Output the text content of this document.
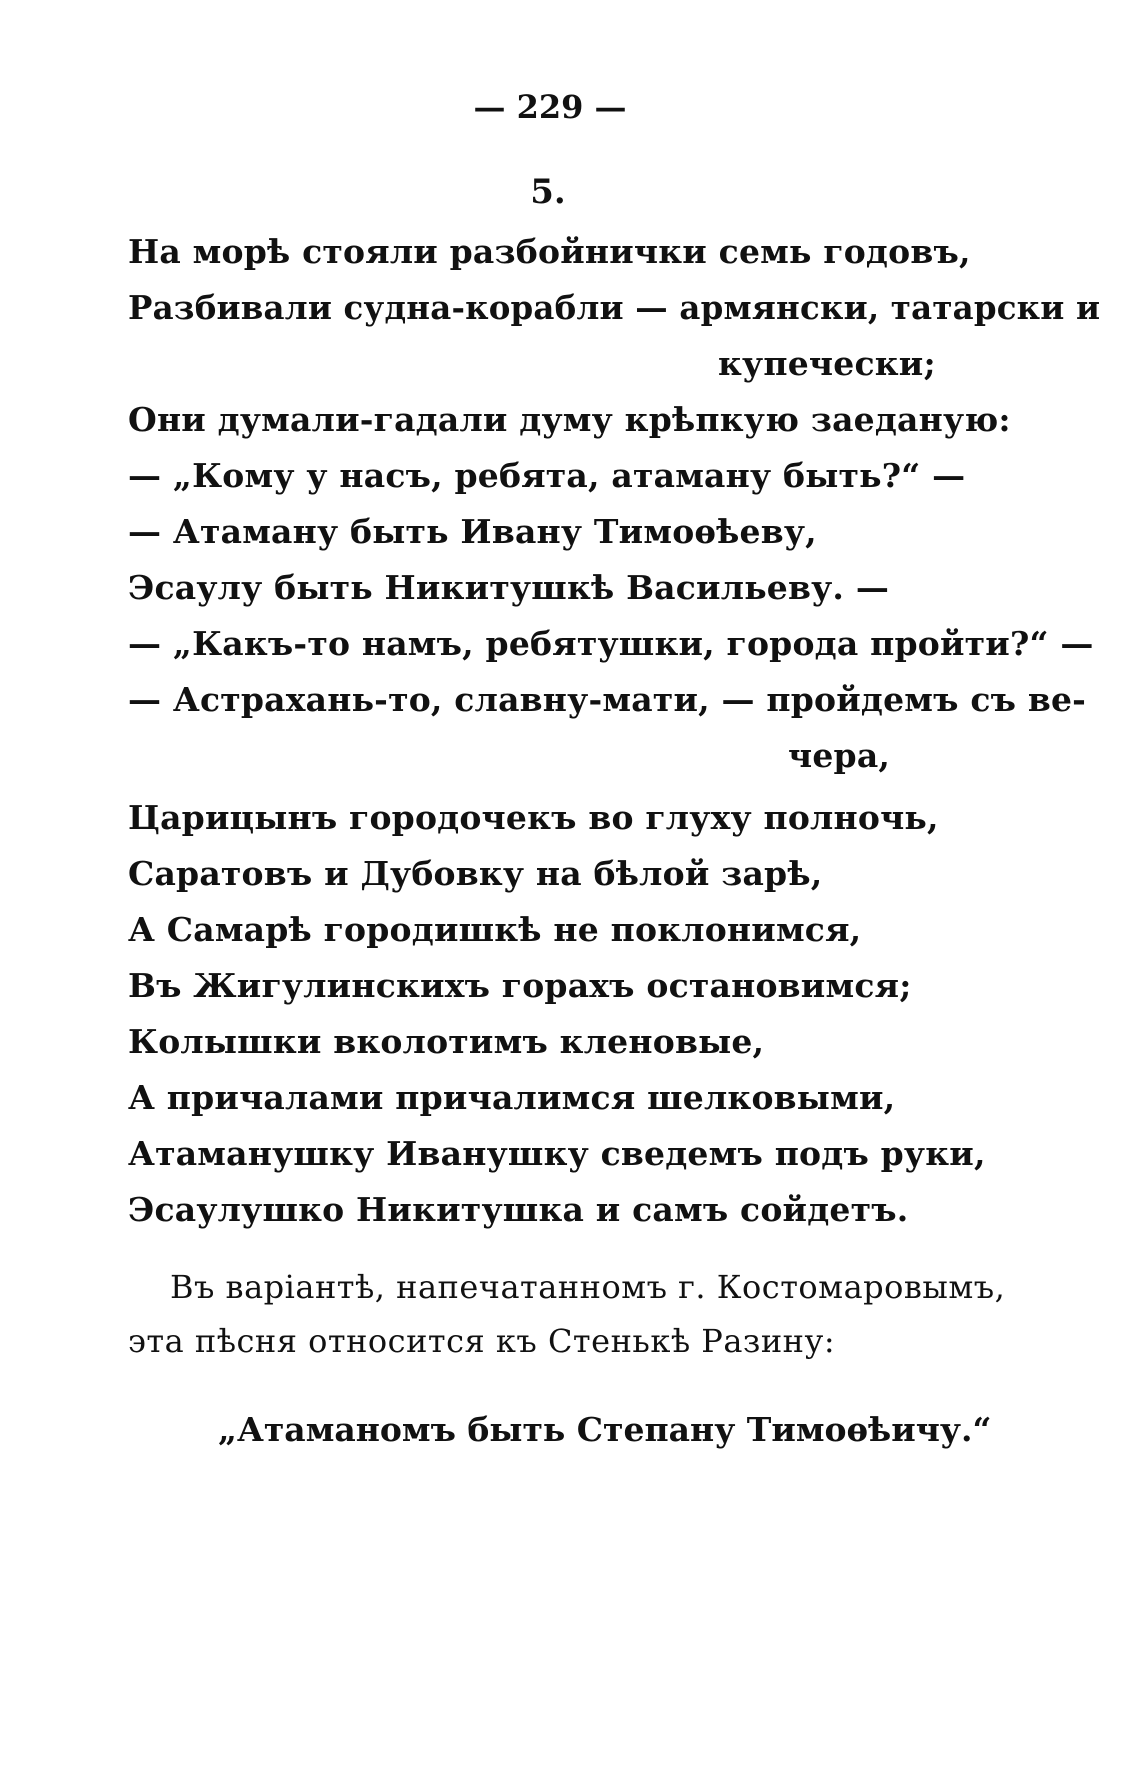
— 229 —
5.
На морѣ стояли разбойнички семь годовъ,
Разбивали судна-корабли — армянски, татарски и
купечески;
Они думали-гадали думу крѣпкую заеданую:
— „Кому у насъ, ребята, атаману быть?“ —
— Атаману быть Ивану Тимоѳѣеву,
Эсаулу быть Никитушкѣ Васильеву. —
— „Какъ-то намъ, ребятушки, города пройти?“ —
— Астрахань-то, славну-мати, — пройдемъ съ ве-
чера,
Царицынъ городочекъ во глуху полночь,
Саратовъ и Дубовку на бѣлой зарѣ,
А Самарѣ городишкѣ не поклонимся,
Въ Жигулинскихъ горахъ остановимся;
Колышки вколотимъ кленовые,
А причалами причалимся шелковыми,
Атаманушку Иванушку сведемъ подъ руки,
Эсаулушко Никитушка и самъ сойдетъ.
Въ варiантѣ, напечатанномъ г. Костомаровымъ,
эта пѣсня относится къ Стенькѣ Разину:
„Атаманомъ быть Степану Тимоѳѣичу.“
